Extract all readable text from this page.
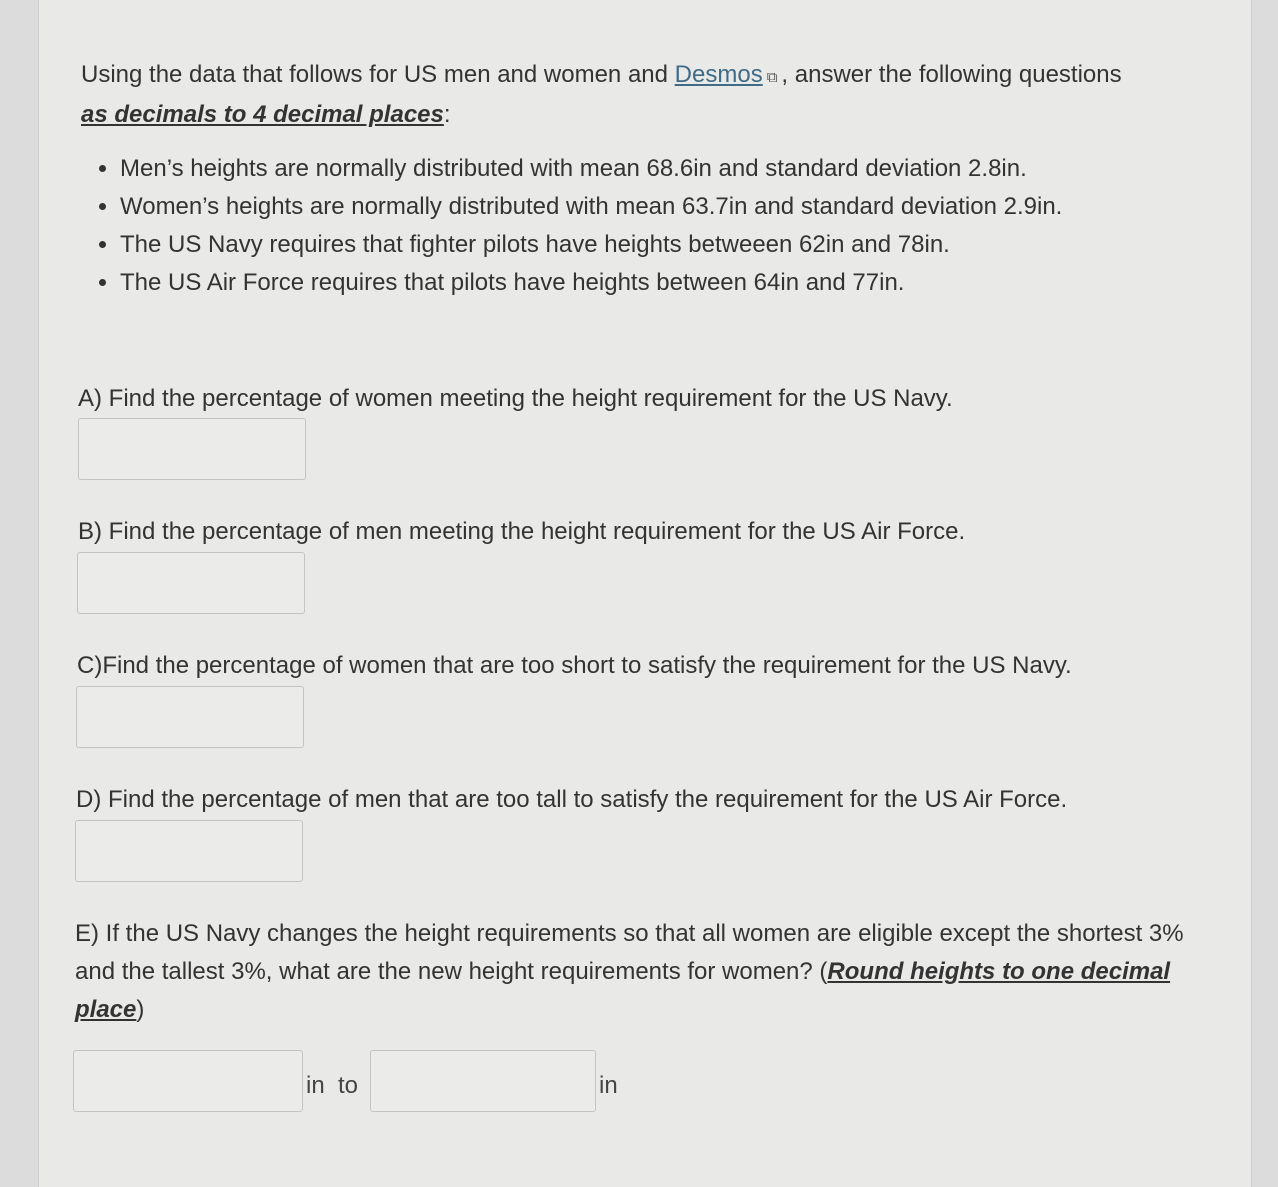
Using the data that follows for US men and women and Desmos ⧉ , answer the following questions
as decimals to 4 decimal places:
• Men’s heights are normally distributed with mean 68.6in and standard deviation 2.8in.
• Women’s heights are normally distributed with mean 63.7in and standard deviation 2.9in.
• The US Navy requires that fighter pilots have heights betweeen 62in and 78in.
• The US Air Force requires that pilots have heights between 64in and 77in.
A) Find the percentage of women meeting the height requirement for the US Navy.
B) Find the percentage of men meeting the height requirement for the US Air Force.
C)Find the percentage of women that are too short to satisfy the requirement for the US Navy.
D) Find the percentage of men that are too tall to satisfy the requirement for the US Air Force.
E) If the US Navy changes the height requirements so that all women are eligible except the shortest 3% and the tallest 3%, what are the new height requirements for women? (Round heights to one decimal place)
in  to	in
